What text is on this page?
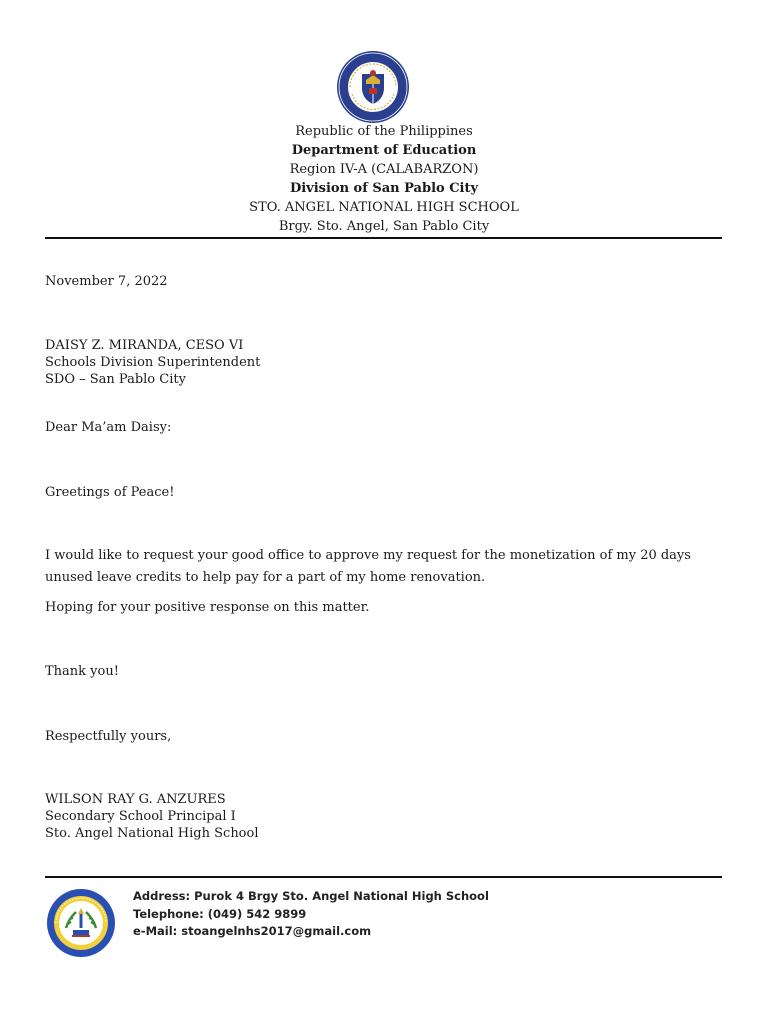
Republic of the Philippines
Department of Education
Region IV-A (CALABARZON)
Division of San Pablo City
STO. ANGEL NATIONAL HIGH SCHOOL
Brgy. Sto. Angel, San Pablo City
November 7, 2022
DAISY Z. MIRANDA, CESO VI
Schools Division Superintendent
SDO – San Pablo City
Dear Ma’am Daisy:
Greetings of Peace!
I would like to request your good office to approve my request for the monetization of my 20 days unused leave credits to help pay for a part of my home renovation.
Hoping for your positive response on this matter.
Thank you!
Respectfully yours,
WILSON RAY G. ANZURES
Secondary School Principal I
Sto. Angel National High School
Address: Purok 4 Brgy Sto. Angel National High School
Telephone: (049) 542 9899
e-Mail: stoangelnhs2017@gmail.com
